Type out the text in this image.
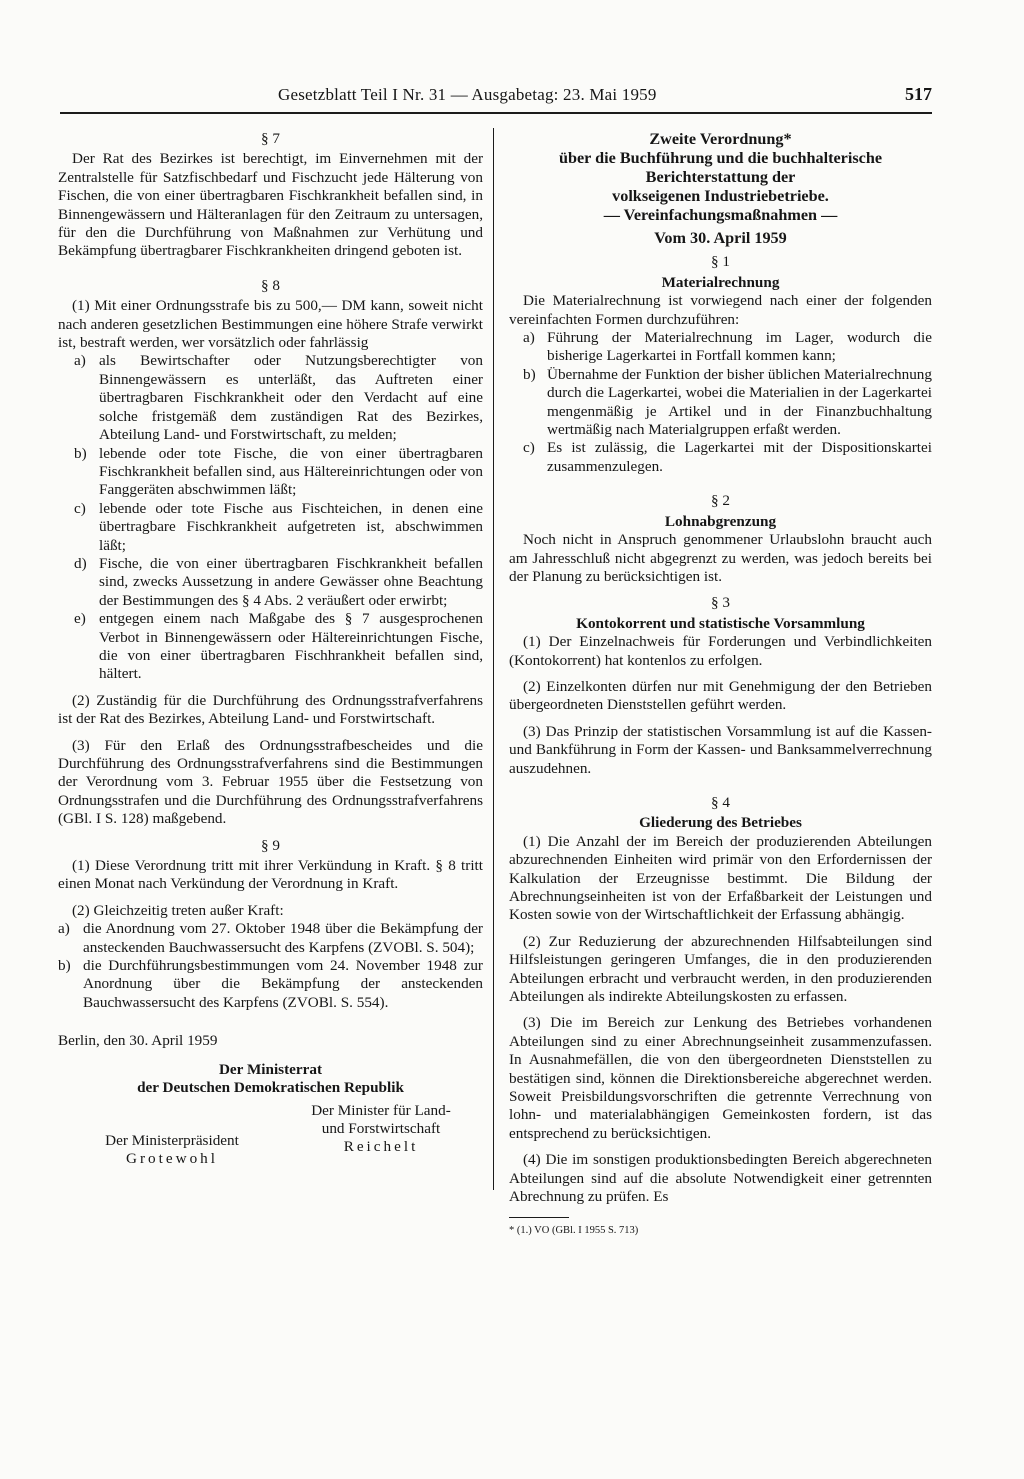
Gesetzblatt Teil I Nr. 31 — Ausgabetag: 23. Mai 1959	517

§ 7

Der Rat des Bezirkes ist berechtigt, im Einvernehmen mit der Zentralstelle für Satzfischbedarf und Fischzucht jede Hälterung von Fischen, die von einer übertragbaren Fischkrankheit befallen sind, in Binnengewässern und Hälteranlagen für den Zeitraum zu untersagen, für den die Durchführung von Maßnahmen zur Verhütung und Bekämpfung übertragbarer Fischkrankheiten dringend geboten ist.

§ 8

(1) Mit einer Ordnungsstrafe bis zu 500,— DM kann, soweit nicht nach anderen gesetzlichen Bestimmungen eine höhere Strafe verwirkt ist, bestraft werden, wer vorsätzlich oder fahrlässig

a) als Bewirtschafter oder Nutzungsberechtigter von Binnengewässern es unterläßt, das Auftreten einer übertragbaren Fischkrankheit oder den Verdacht auf eine solche fristgemäß dem zuständigen Rat des Bezirkes, Abteilung Land- und Forstwirtschaft, zu melden;
b) lebende oder tote Fische, die von einer übertragbaren Fischkrankheit befallen sind, aus Hältereinrichtungen oder von Fanggeräten abschwimmen läßt;
c) lebende oder tote Fische aus Fischteichen, in denen eine übertragbare Fischkrankheit aufgetreten ist, abschwimmen läßt;
d) Fische, die von einer übertragbaren Fischkrankheit befallen sind, zwecks Aussetzung in andere Gewässer ohne Beachtung der Bestimmungen des § 4 Abs. 2 veräußert oder erwirbt;
e) entgegen einem nach Maßgabe des § 7 ausgesprochenen Verbot in Binnengewässern oder Hältereinrichtungen Fische, die von einer übertragbaren Fischhrankheit befallen sind, hältert.

(2) Zuständig für die Durchführung des Ordnungsstrafverfahrens ist der Rat des Bezirkes, Abteilung Land- und Forstwirtschaft.

(3) Für den Erlaß des Ordnungsstrafbescheides und die Durchführung des Ordnungsstrafverfahrens sind die Bestimmungen der Verordnung vom 3. Februar 1955 über die Festsetzung von Ordnungsstrafen und die Durchführung des Ordnungsstrafverfahrens (GBl. I S. 128) maßgebend.

§ 9

(1) Diese Verordnung tritt mit ihrer Verkündung in Kraft. § 8 tritt einen Monat nach Verkündung der Verordnung in Kraft.

(2) Gleichzeitig treten außer Kraft:

a) die Anordnung vom 27. Oktober 1948 über die Bekämpfung der ansteckenden Bauchwassersucht des Karpfens (ZVOBl. S. 504);
b) die Durchführungsbestimmungen vom 24. November 1948 zur Anordnung über die Bekämpfung der ansteckenden Bauchwassersucht des Karpfens (ZVOBl. S. 554).

Berlin, den 30. April 1959

Der Ministerrat

der Deutschen Demokratischen Republik

Der Ministerpräsident
Grotewohl
Der Minister für Land-
und Forstwirtschaft
Reichelt
Zweite Verordnung*
über die Buchführung und die buchhalterische
Berichterstattung der
volkseigenen Industriebetriebe.
— Vereinfachungsmaßnahmen —
Vom 30. April 1959

§ 1

Materialrechnung

Die Materialrechnung ist vorwiegend nach einer der folgenden vereinfachten Formen durchzuführen:

a) Führung der Materialrechnung im Lager, wodurch die bisherige Lagerkartei in Fortfall kommen kann;
b) Übernahme der Funktion der bisher üblichen Materialrechnung durch die Lagerkartei, wobei die Materialien in der Lagerkartei mengenmäßig je Artikel und in der Finanzbuchhaltung wertmäßig nach Materialgruppen erfaßt werden.
c) Es ist zulässig, die Lagerkartei mit der Dispositionskartei zusammenzulegen.

§ 2

Lohnabgrenzung

Noch nicht in Anspruch genommener Urlaubslohn braucht auch am Jahresschluß nicht abgegrenzt zu werden, was jedoch bereits bei der Planung zu berücksichtigen ist.

§ 3

Kontokorrent und statistische Vorsammlung

(1) Der Einzelnachweis für Forderungen und Verbindlichkeiten (Kontokorrent) hat kontenlos zu erfolgen.

(2) Einzelkonten dürfen nur mit Genehmigung der den Betrieben übergeordneten Dienststellen geführt werden.

(3) Das Prinzip der statistischen Vorsammlung ist auf die Kassen- und Bankführung in Form der Kassen- und Banksammelverrechnung auszudehnen.

§ 4

Gliederung des Betriebes

(1) Die Anzahl der im Bereich der produzierenden Abteilungen abzurechnenden Einheiten wird primär von den Erfordernissen der Kalkulation der Erzeugnisse bestimmt. Die Bildung der Abrechnungseinheiten ist von der Erfaßbarkeit der Leistungen und Kosten sowie von der Wirtschaftlichkeit der Erfassung abhängig.

(2) Zur Reduzierung der abzurechnenden Hilfsabteilungen sind Hilfsleistungen geringeren Umfanges, die in den produzierenden Abteilungen erbracht und verbraucht werden, in den produzierenden Abteilungen als indirekte Abteilungskosten zu erfassen.

(3) Die im Bereich zur Lenkung des Betriebes vorhandenen Abteilungen sind zu einer Abrechnungseinheit zusammenzufassen. In Ausnahmefällen, die von den übergeordneten Dienststellen zu bestätigen sind, können die Direktionsbereiche abgerechnet werden. Soweit Preisbildungsvorschriften die getrennte Verrechnung von lohn- und materialabhängigen Gemeinkosten fordern, ist das entsprechend zu berücksichtigen.

(4) Die im sonstigen produktionsbedingten Bereich abgerechneten Abteilungen sind auf die absolute Notwendigkeit einer getrennten Abrechnung zu prüfen. Es

* (1.) VO (GBl. I 1955 S. 713)
